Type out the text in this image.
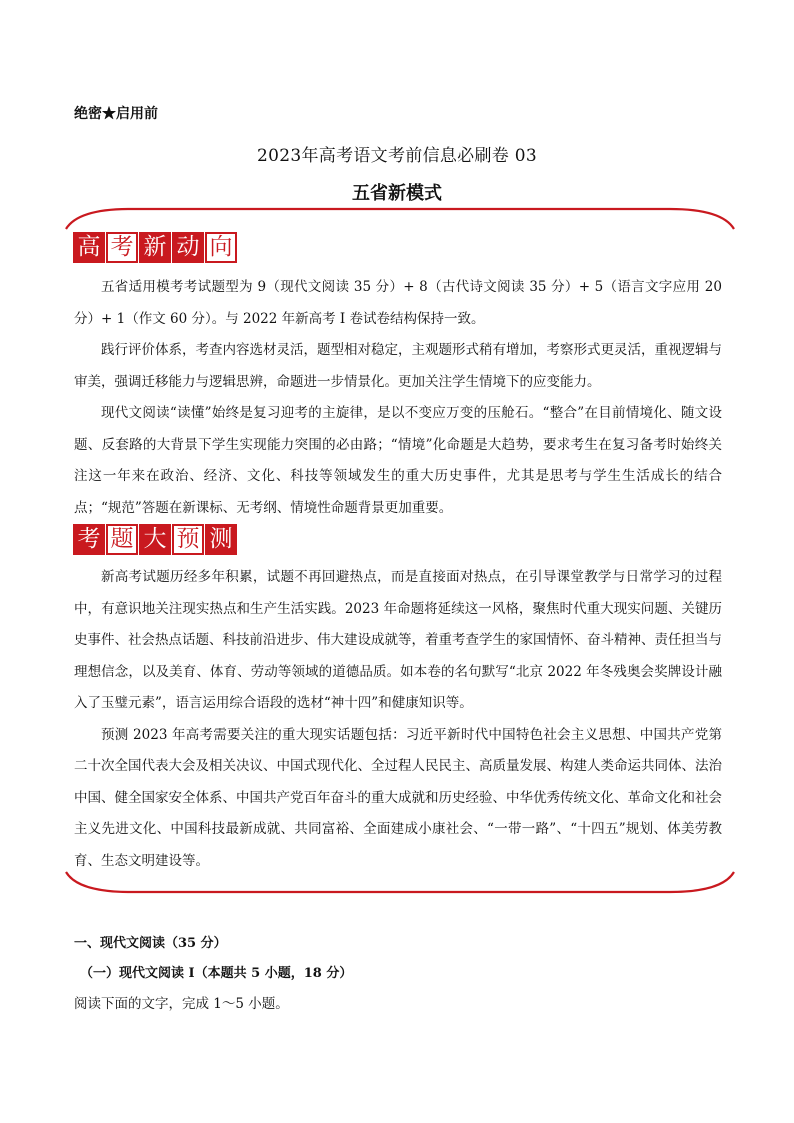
绝密★启用前
2023年高考语文考前信息必刷卷 03
五省新模式
高 考 新 动 向

五省适用模考考试题型为 9（现代文阅读 35 分）+ 8（古代诗文阅读 35 分）+ 5（语言文字应用 20 分）+ 1（作文 60 分）。与 2022 年新高考 I 卷试卷结构保持一致。

践行评价体系，考查内容选材灵活，题型相对稳定，主观题形式稍有增加，考察形式更灵活，重视逻辑与审美，强调迁移能力与逻辑思辨，命题进一步情景化。更加关注学生情境下的应变能力。

现代文阅读“读懂”始终是复习迎考的主旋律，是以不变应万变的压舱石。“整合”在目前情境化、随文设题、反套路的大背景下学生实现能力突围的必由路；“情境”化命题是大趋势，要求考生在复习备考时始终关注这一年来在政治、经济、文化、科技等领域发生的重大历史事件，尤其是思考与学生生活成长的结合点；“规范”答题在新课标、无考纲、情境性命题背景更加重要。

考 题 大 预 测

新高考试题历经多年积累，试题不再回避热点，而是直接面对热点，在引导课堂教学与日常学习的过程中，有意识地关注现实热点和生产生活实践。2023 年命题将延续这一风格，聚焦时代重大现实问题、关键历史事件、社会热点话题、科技前沿进步、伟大建设成就等，着重考查学生的家国情怀、奋斗精神、责任担当与理想信念，以及美育、体育、劳动等领域的道德品质。如本卷的名句默写“北京 2022 年冬残奥会奖牌设计融入了玉璧元素”，语言运用综合语段的选材“神十四”和健康知识等。

预测 2023 年高考需要关注的重大现实话题包括：习近平新时代中国特色社会主义思想、中国共产党第二十次全国代表大会及相关决议、中国式现代化、全过程人民民主、高质量发展、构建人类命运共同体、法治中国、健全国家安全体系、中国共产党百年奋斗的重大成就和历史经验、中华优秀传统文化、革命文化和社会主义先进文化、中国科技最新成就、共同富裕、全面建成小康社会、“一带一路”、“十四五”规划、体美劳教育、生态文明建设等。

一、现代文阅读（35 分）
（一）现代文阅读 I（本题共 5 小题，18 分）
阅读下面的文字，完成 1～5 小题。
